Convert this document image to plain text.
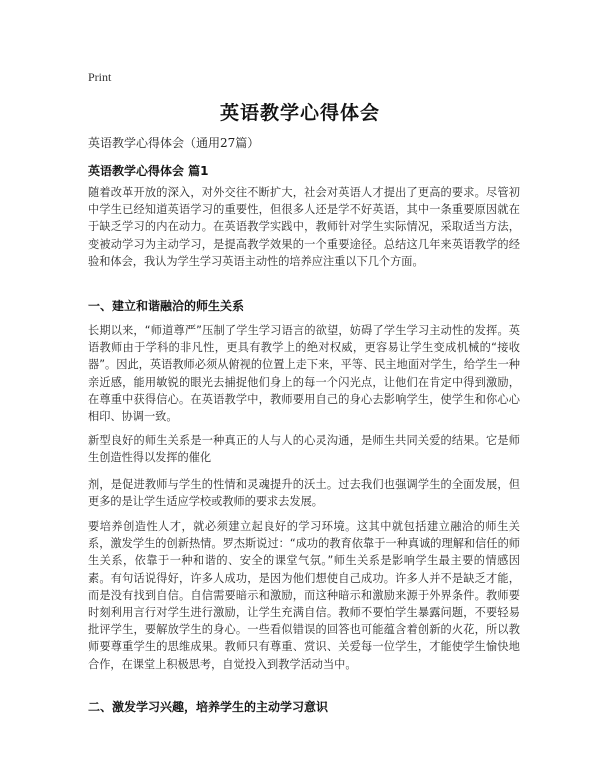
Print
英语教学心得体会
英语教学心得体会（通用27篇）
英语教学心得体会 篇1
随着改革开放的深入，对外交往不断扩大，社会对英语人才提出了更高的要求。尽管初中学生已经知道英语学习的重要性，但很多人还是学不好英语，其中一条重要原因就在于缺乏学习的内在动力。在英语教学实践中，教师针对学生实际情况，采取适当方法，变被动学习为主动学习，是提高教学效果的一个重要途径。总结这几年来英语教学的经验和体会，我认为学生学习英语主动性的培养应注重以下几个方面。
一、建立和谐融洽的师生关系
长期以来，“师道尊严”压制了学生学习语言的欲望，妨碍了学生学习主动性的发挥。英语教师由于学科的非凡性，更具有教学上的绝对权威，更容易让学生变成机械的“接收器”。因此，英语教师必须从俯视的位置上走下来，平等、民主地面对学生，给学生一种亲近感，能用敏锐的眼光去捕捉他们身上的每一个闪光点，让他们在肯定中得到激励，在尊重中获得信心。在英语教学中，教师要用自己的身心去影响学生，使学生和你心心相印、协调一致。
新型良好的师生关系是一种真正的人与人的心灵沟通，是师生共同关爱的结果。它是师生创造性得以发挥的催化
剂，是促进教师与学生的性情和灵魂提升的沃土。过去我们也强调学生的全面发展，但更多的是让学生适应学校或教师的要求去发展。
要培养创造性人才，就必须建立起良好的学习环境。这其中就包括建立融洽的师生关系，激发学生的创新热情。罗杰斯说过：“成功的教育依靠于一种真诚的理解和信任的师生关系，依靠于一种和谐的、安全的课堂气氛。”师生关系是影响学生最主要的情感因素。有句话说得好，许多人成功，是因为他们想使自己成功。许多人并不是缺乏才能，而是没有找到自信。自信需要暗示和激励，而这种暗示和激励来源于外界条件。教师要时刻利用言行对学生进行激励，让学生充满自信。教师不要怕学生暴露问题，不要轻易批评学生，要解放学生的身心。一些看似错误的回答也可能蕴含着创新的火花，所以教师要尊重学生的思维成果。教师只有尊重、赏识、关爱每一位学生，才能使学生愉快地合作，在课堂上积极思考，自觉投入到教学活动当中。
二、激发学习兴趣，培养学生的主动学习意识
